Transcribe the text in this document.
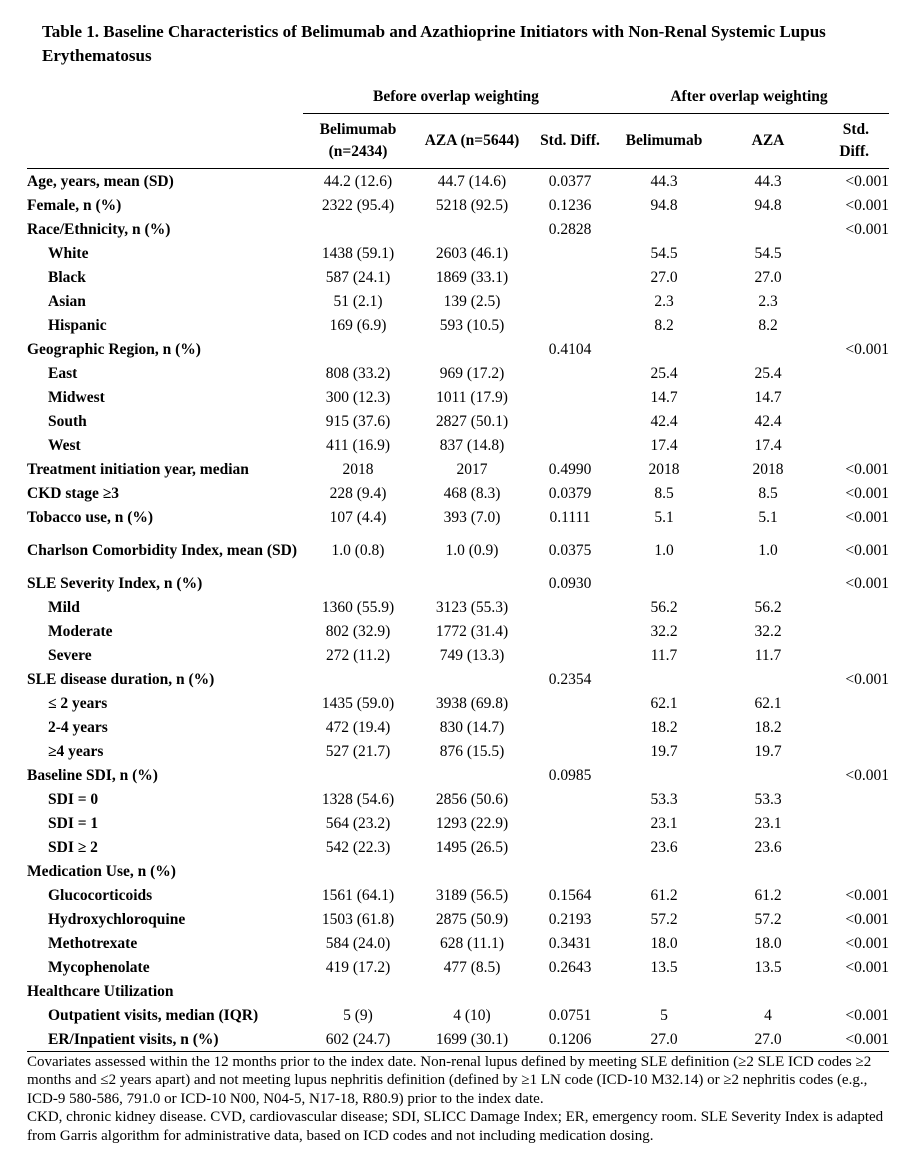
Table 1. Baseline Characteristics of Belimumab and Azathioprine Initiators with Non-Renal Systemic Lupus Erythematosus
	Before overlap weighting			After overlap weighting		
	Belimumab (n=2434)	AZA (n=5644)	Std. Diff.	Belimumab	AZA	Std. Diff.
Age, years, mean (SD)	44.2 (12.6)	44.7 (14.6)	0.0377	44.3	44.3	<0.001
Female, n (%)	2322 (95.4)	5218 (92.5)	0.1236	94.8	94.8	<0.001
Race/Ethnicity, n (%)			0.2828			<0.001
White	1438 (59.1)	2603 (46.1)		54.5	54.5	
Black	587 (24.1)	1869 (33.1)		27.0	27.0	
Asian	51 (2.1)	139 (2.5)		2.3	2.3	
Hispanic	169 (6.9)	593 (10.5)		8.2	8.2	
Geographic Region, n (%)			0.4104			<0.001
East	808 (33.2)	969 (17.2)		25.4	25.4	
Midwest	300 (12.3)	1011 (17.9)		14.7	14.7	
South	915 (37.6)	2827 (50.1)		42.4	42.4	
West	411 (16.9)	837 (14.8)		17.4	17.4	
Treatment initiation year, median	2018	2017	0.4990	2018	2018	<0.001
CKD stage ≥3	228 (9.4)	468 (8.3)	0.0379	8.5	8.5	<0.001
Tobacco use, n (%)	107 (4.4)	393 (7.0)	0.1111	5.1	5.1	<0.001
Charlson Comorbidity Index, mean (SD)	1.0 (0.8)	1.0 (0.9)	0.0375	1.0	1.0	<0.001
SLE Severity Index, n (%)			0.0930			<0.001
Mild	1360 (55.9)	3123 (55.3)		56.2	56.2	
Moderate	802 (32.9)	1772 (31.4)		32.2	32.2	
Severe	272 (11.2)	749 (13.3)		11.7	11.7	
SLE disease duration, n (%)			0.2354			<0.001
≤ 2 years	1435 (59.0)	3938 (69.8)		62.1	62.1	
2-4 years	472 (19.4)	830 (14.7)		18.2	18.2	
≥4 years	527 (21.7)	876 (15.5)		19.7	19.7	
Baseline SDI, n (%)			0.0985			<0.001
SDI = 0	1328 (54.6)	2856 (50.6)		53.3	53.3	
SDI = 1	564 (23.2)	1293 (22.9)		23.1	23.1	
SDI ≥ 2	542 (22.3)	1495 (26.5)		23.6	23.6	
Medication Use, n (%)						
Glucocorticoids	1561 (64.1)	3189 (56.5)	0.1564	61.2	61.2	<0.001
Hydroxychloroquine	1503 (61.8)	2875 (50.9)	0.2193	57.2	57.2	<0.001
Methotrexate	584 (24.0)	628 (11.1)	0.3431	18.0	18.0	<0.001
Mycophenolate	419 (17.2)	477 (8.5)	0.2643	13.5	13.5	<0.001
Healthcare Utilization						
Outpatient visits, median (IQR)	5 (9)	4 (10)	0.0751	5	4	<0.001
ER/Inpatient visits, n (%)	602 (24.7)	1699 (30.1)	0.1206	27.0	27.0	<0.001

Covariates assessed within the 12 months prior to the index date. Non-renal lupus defined by meeting SLE definition (≥2 SLE ICD codes ≥2 months and ≤2 years apart) and not meeting lupus nephritis definition (defined by ≥1 LN code (ICD-10 M32.14) or ≥2 nephritis codes (e.g., ICD-9 580-586, 791.0 or ICD-10 N00, N04-5, N17-18, R80.9) prior to the index date.

CKD, chronic kidney disease. CVD, cardiovascular disease; SDI, SLICC Damage Index; ER, emergency room. SLE Severity Index is adapted from Garris algorithm for administrative data, based on ICD codes and not including medication dosing.
